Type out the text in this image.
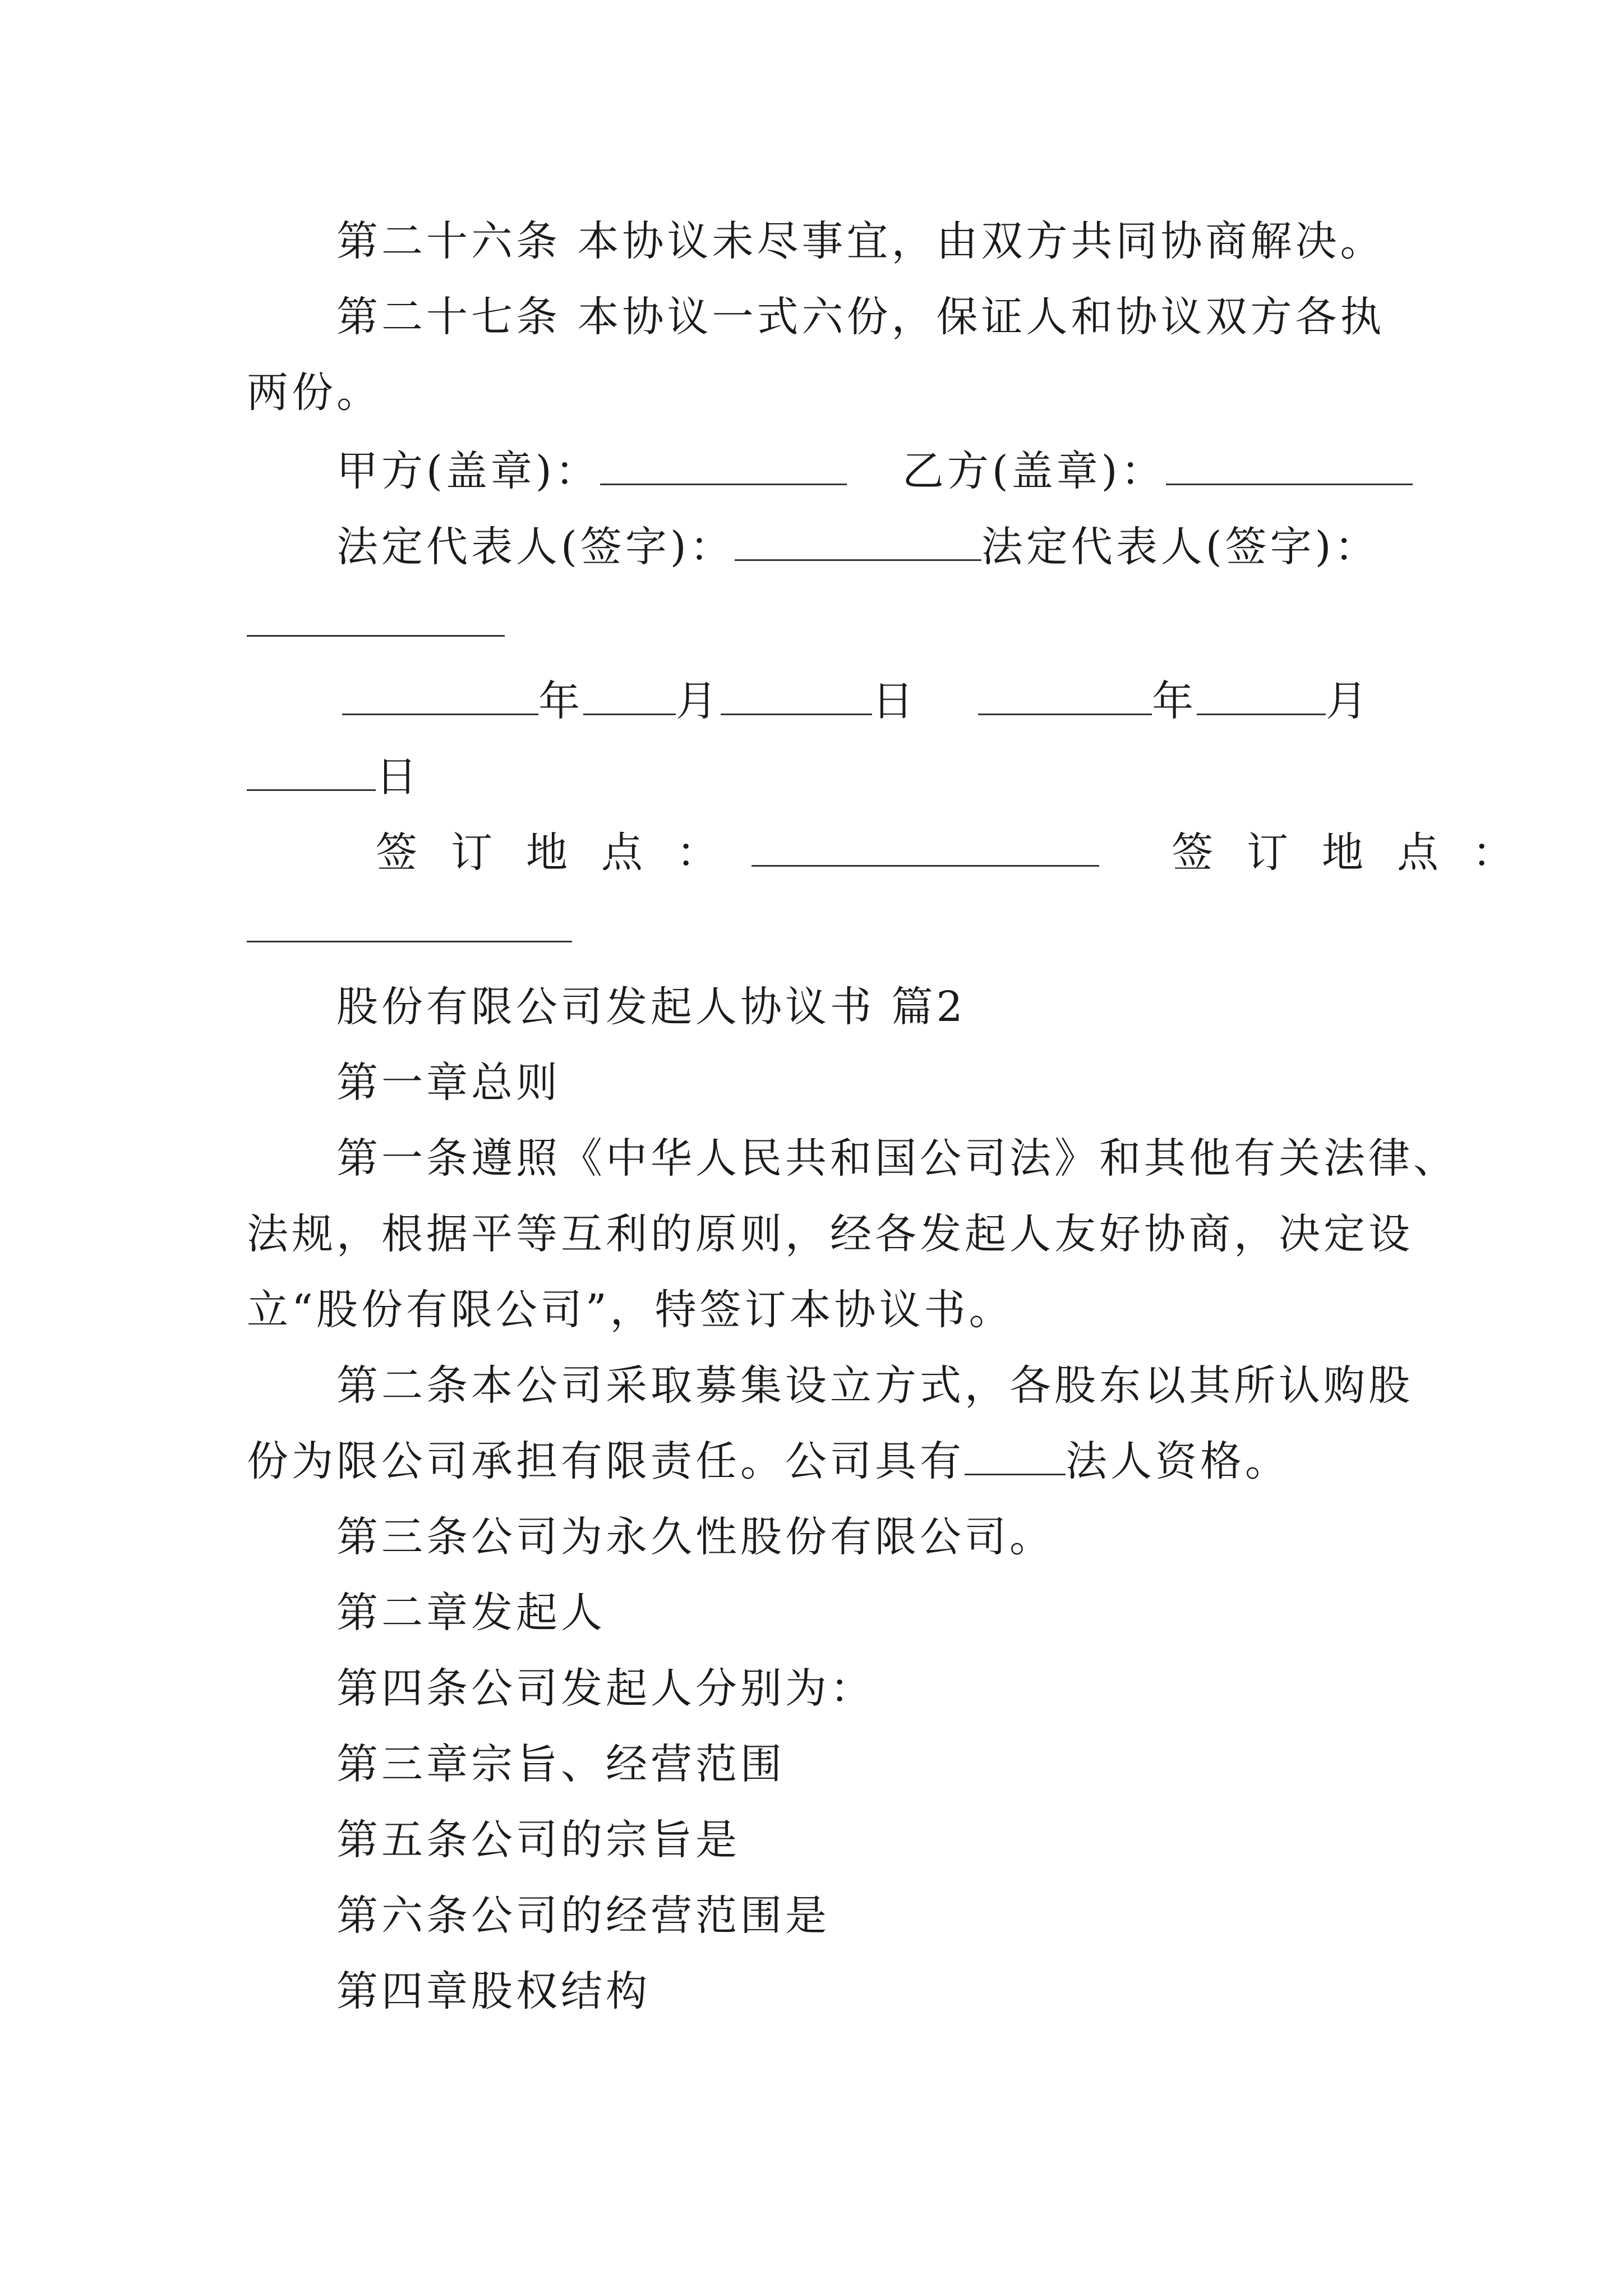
第二十六条 本协议未尽事宜，由双方共同协商解决。
第二十七条 本协议一式六份，保证人和协议双方各执
两份。
甲方(盖章)：	乙方(盖章)：
法定代表人(签字)：	法定代表人(签字)：
年 月	日	年	月
日
签订地点：	签订地点：
股份有限公司发起人协议书 篇2
第一章总则
第一条遵照《中华人民共和国公司法》和其他有关法律、
法规，根据平等互利的原则，经各发起人友好协商，决定设
立“股份有限公司”，特签订本协议书。
第二条本公司采取募集设立方式，各股东以其所认购股
份为限公司承担有限责任。公司具有 法人资格。
第三条公司为永久性股份有限公司。
第二章发起人
第四条公司发起人分别为：
第三章宗旨、经营范围
第五条公司的宗旨是
第六条公司的经营范围是
第四章股权结构
